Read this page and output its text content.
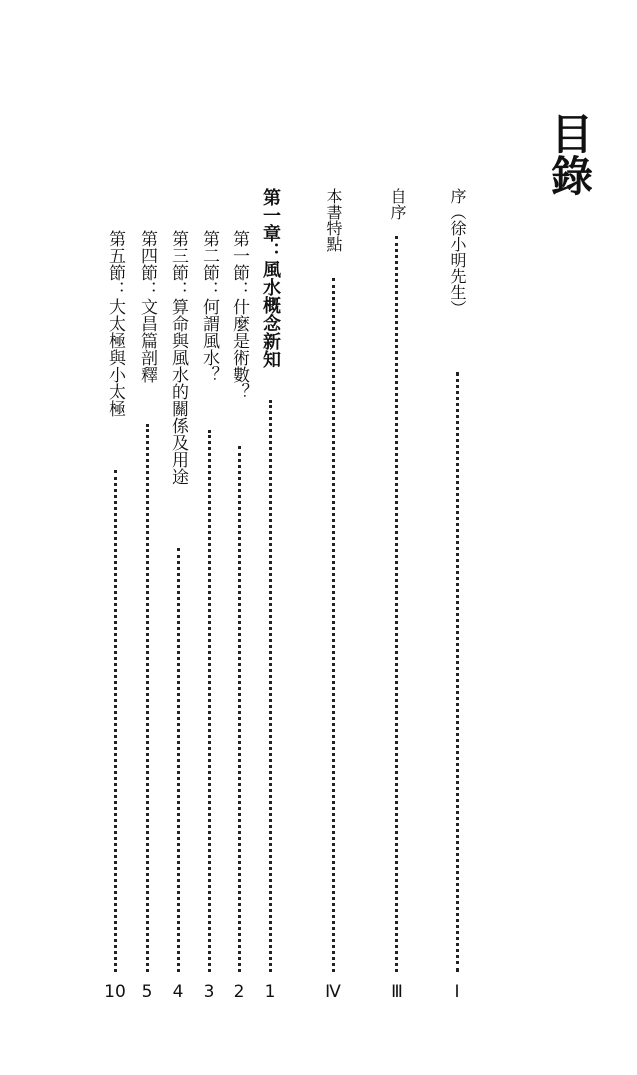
目錄
序（徐小明先生）
Ⅰ
自序
Ⅲ
本書特點
Ⅳ
第一章：風水概念新知
1
第一節：什麼是術數？
2
第二節：何謂風水？
3
第三節：算命與風水的關係及用途
4
第四節：文昌篇剖釋
5
第五節：大太極與小太極
10
